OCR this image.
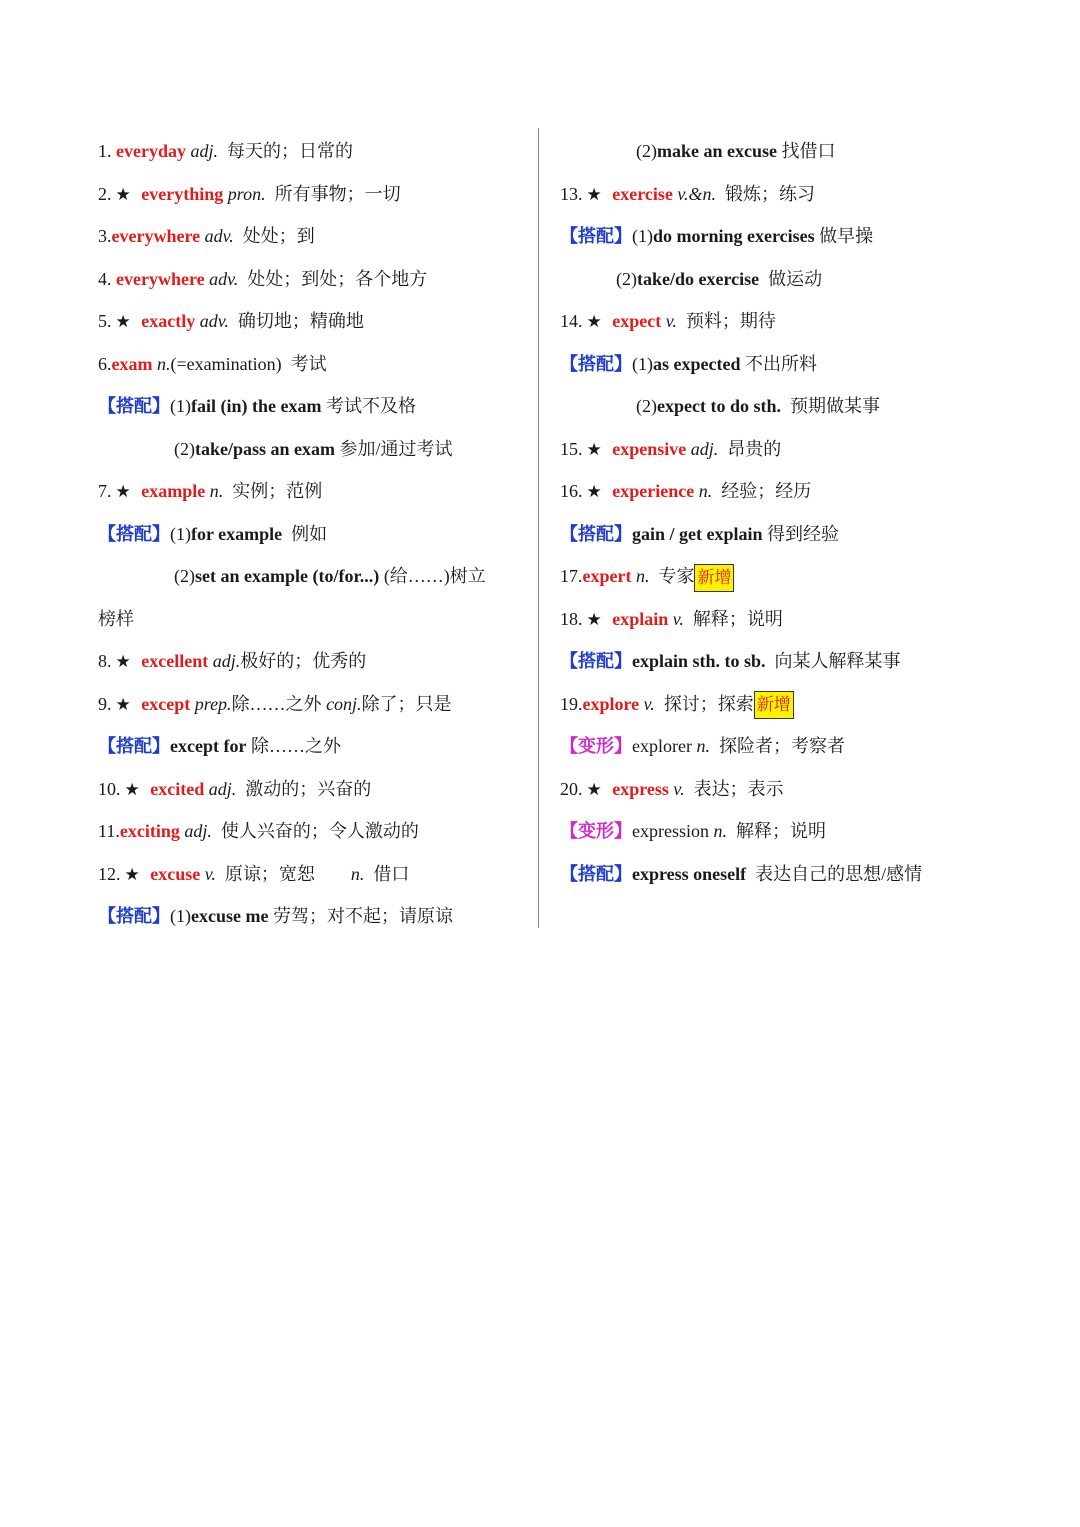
1. everyday adj. 每天的；日常的
2. ★ everything pron. 所有事物；一切
3.everywhere adv. 处处；到
4. everywhere adv. 处处；到处；各个地方
5. ★ exactly adv. 确切地；精确地
6.exam n.(=examination) 考试
【搭配】(1)fail (in) the exam 考试不及格
(2)take/pass an exam 参加/通过考试
7. ★ example n. 实例；范例
【搭配】(1)for example 例如
(2)set an example (to/for...) (给……)树立
榜样
8. ★ excellent adj.极好的；优秀的
9. ★ except prep.除……之外 conj.除了；只是
【搭配】except for 除……之外
10. ★ excited adj. 激动的；兴奋的
11.exciting adj. 使人兴奋的；令人激动的
12. ★ excuse v. 原谅；宽恕 n. 借口
【搭配】(1)excuse me 劳驾；对不起；请原谅
(2)make an excuse 找借口
13. ★ exercise v.&n. 锻炼；练习
【搭配】(1)do morning exercises 做早操
(2)take/do exercise 做运动
14. ★ expect v. 预料；期待
【搭配】(1)as expected 不出所料
(2)expect to do sth. 预期做某事
15. ★ expensive adj. 昂贵的
16. ★ experience n. 经验；经历
【搭配】gain / get explain 得到经验
17.expert n. 专家 新增
18. ★ explain v. 解释；说明
【搭配】explain sth. to sb. 向某人解释某事
19.explore v. 探讨；探索 新增
【变形】explorer n. 探险者；考察者
20. ★ express v. 表达；表示
【变形】expression n. 解释；说明
【搭配】express oneself 表达自己的思想/感情
